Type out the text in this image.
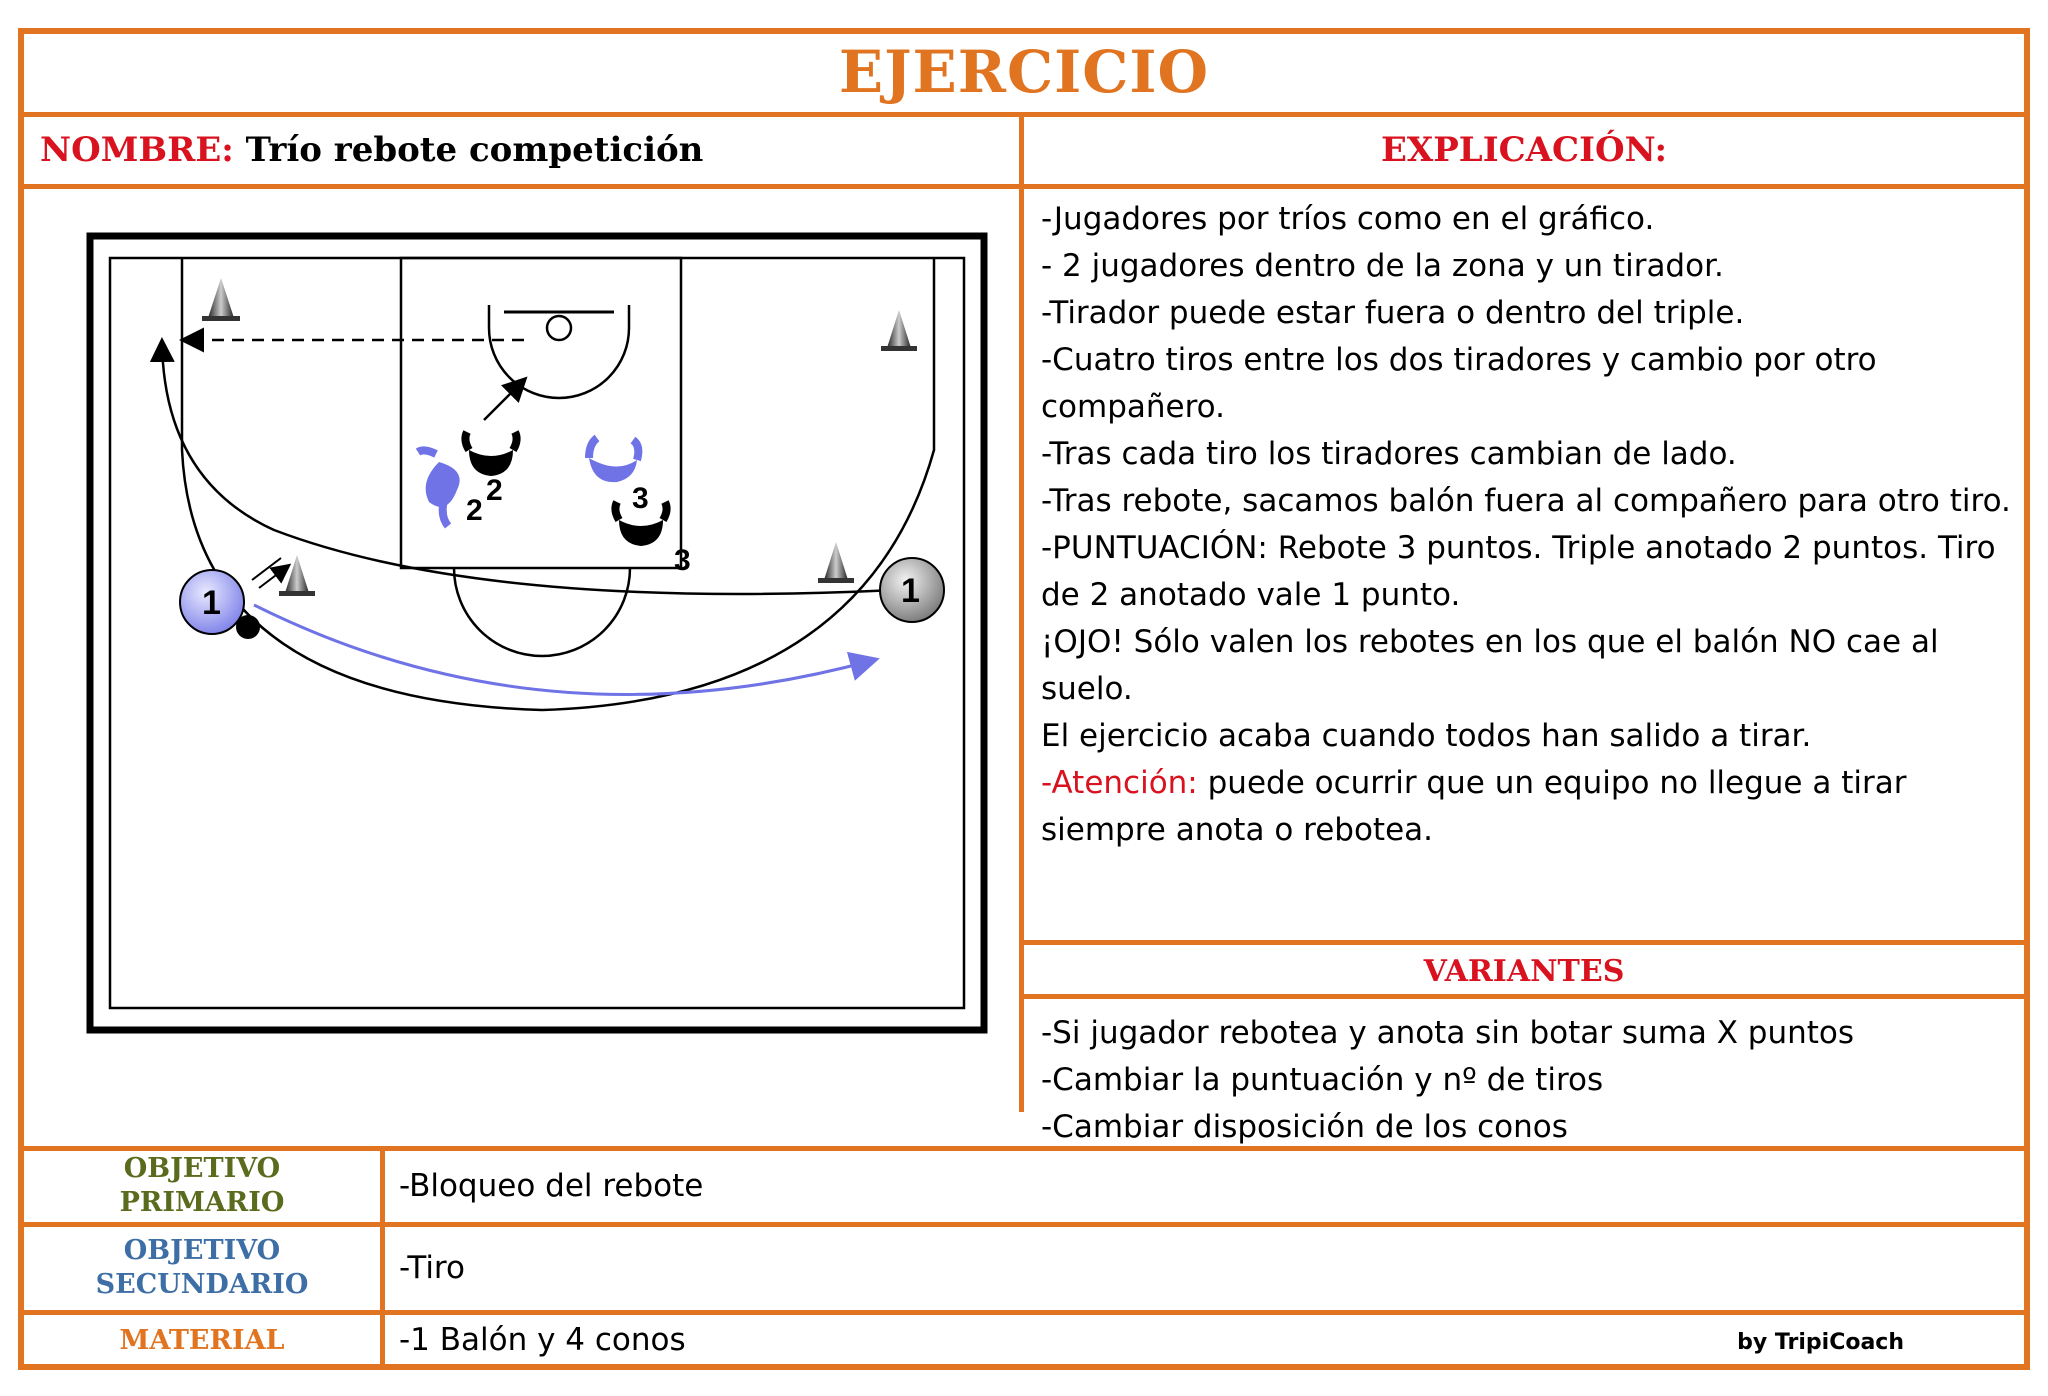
EJERCICIO
NOMBRE: Trío rebote competición	EXPLICACIÓN:

-Jugadores por tríos como en el gráfico.

- 2 jugadores dentro de la zona y un tirador.

-Tirador puede estar fuera o dentro del triple.

-Cuatro tiros entre los dos tiradores y cambio por otro compañero.

-Tras cada tiro los tiradores cambian de lado.

-Tras rebote, sacamos balón fuera al compañero para otro tiro.

-PUNTUACIÓN: Rebote 3 puntos. Triple anotado 2 puntos. Tiro de 2 anotado vale 1 punto.

¡OJO! Sólo valen los rebotes en los que el balón NO cae al suelo.

El ejercicio acaba cuando todos han salido a tirar.

-Atención: puede ocurrir que un equipo no llegue a tirar siempre anota o rebotea.

VARIANTES

-Si jugador rebotea y anota sin botar suma X puntos

-Cambiar la puntuación y nº de tiros

-Cambiar disposición de los conos

OBJETIVO
PRIMARIO	-Bloqueo del rebote
OBJETIVO
SECUNDARIO	-Tiro
MATERIAL	-1 Balón y 4 conos	by TripiCoach
2
2	3
3
1	1
